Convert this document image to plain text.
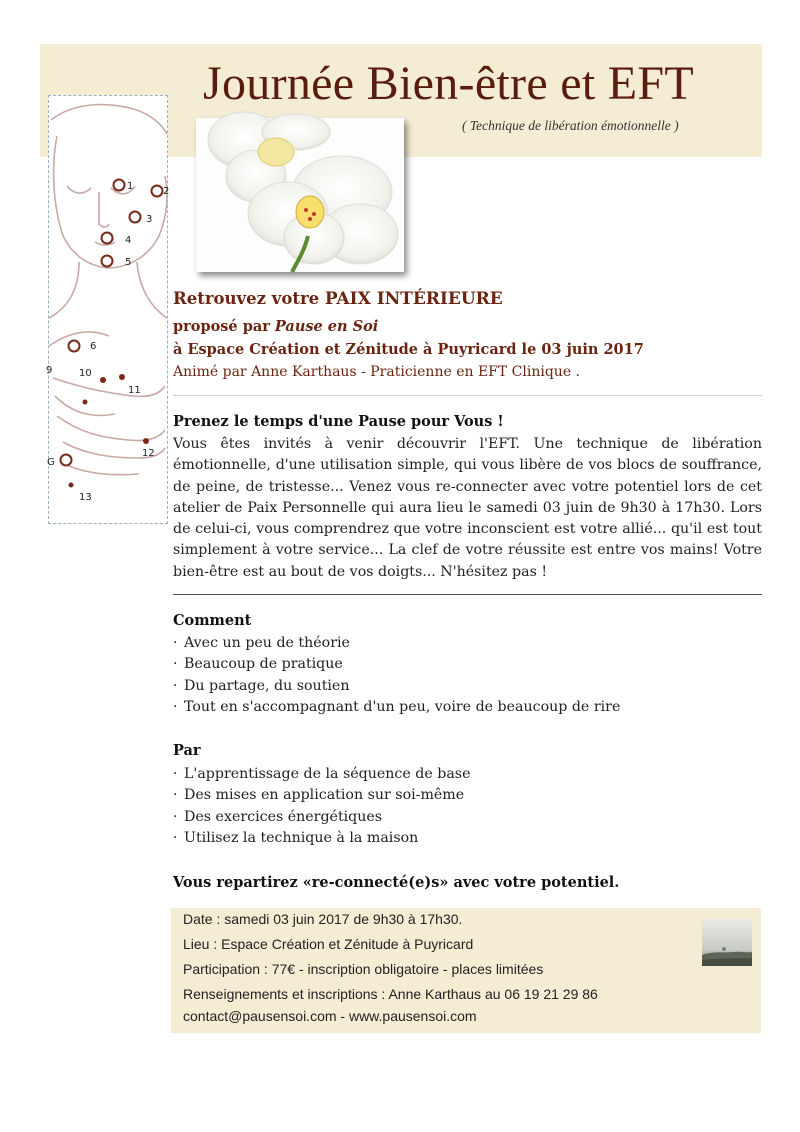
Journée Bien-être et EFT
( Technique de libération émotionnelle )
1	2
3
4
5
6
9	10
11
12
13
G
Retrouvez votre PAIX INTÉRIEURE
proposé par Pause en Soi
à Espace Création et Zénitude à Puyricard le 03 juin 2017
Animé par Anne Karthaus - Praticienne en EFT Clinique .
Prenez le temps d'une Pause pour Vous !
Vous êtes invités à venir découvrir l'EFT. Une technique de libération émotionnelle, d'une utilisation simple, qui vous libère de vos blocs de souffrance, de peine, de tristesse... Venez vous re-connecter avec votre potentiel lors de cet atelier de Paix Personnelle qui aura lieu le samedi 03 juin de 9h30 à 17h30. Lors de celui-ci, vous comprendrez que votre inconscient est votre allié... qu'il est tout simplement à votre service... La clef de votre réussite est entre vos mains! Votre bien-être est au bout de vos doigts... N'hésitez pas !
Comment
· Avec un peu de théorie
· Beaucoup de pratique
· Du partage, du soutien
· Tout en s'accompagnant d'un peu, voire de beaucoup de rire
Par
· L'apprentissage de la séquence de base
· Des mises en application sur soi-même
· Des exercices énergétiques
· Utilisez la technique à la maison
Vous repartirez «re-connecté(e)s» avec votre potentiel.
Date : samedi 03 juin 2017 de 9h30 à 17h30.
Lieu : Espace Création et Zénitude à Puyricard
Participation : 77€ - inscription obligatoire - places limitées
Renseignements et inscriptions : Anne Karthaus au 06 19 21 29 86
contact@pausensoi.com - www.pausensoi.com
